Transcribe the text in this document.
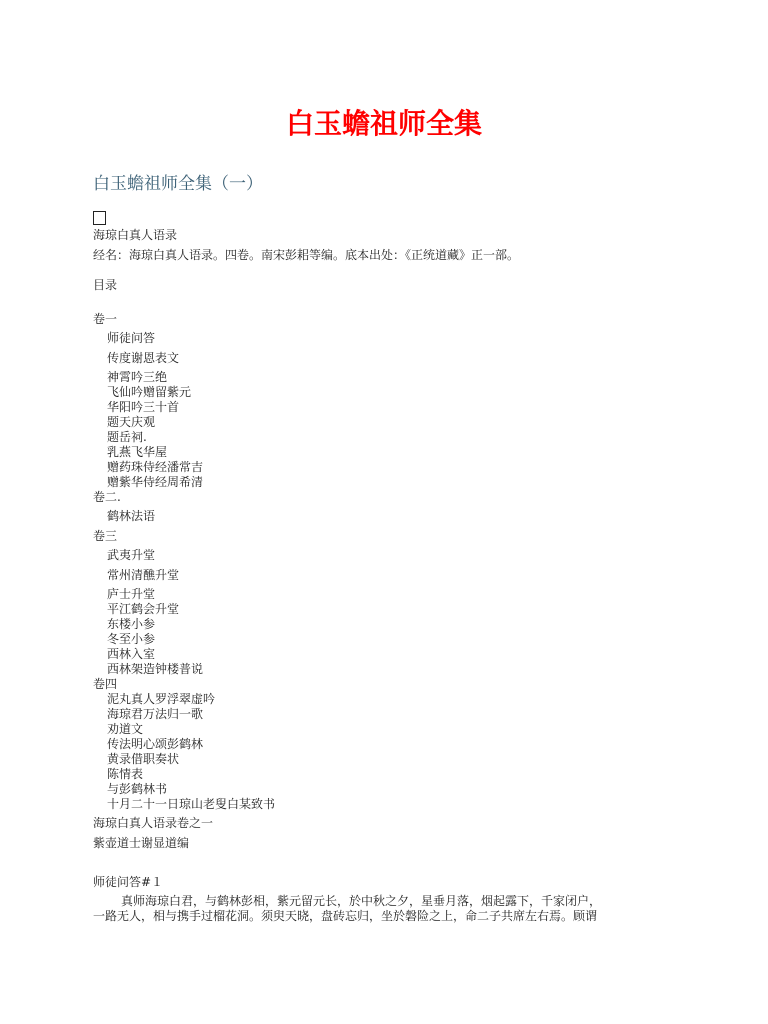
白玉蟾祖师全集
白玉蟾祖师全集（一）
海琼白真人语录
经名：海琼白真人语录。四卷。南宋彭耜等编。底本出处：《正统道藏》正一部。
目录
卷一
师徒问答
传度谢恩表文
神霄吟三绝
飞仙吟赠留紫元
华阳吟三十首
题天庆观
题岳祠.
乳燕飞华屋
赠药珠侍经潘常吉
赠紫华侍经周希清
卷二.
鹤林法语
卷三
武夷升堂
常州清醮升堂
庐士升堂
平江鹤会升堂
东楼小参
冬至小参
西林入室
西林架造钟楼普说
卷四
泥丸真人罗浮翠虚吟
海琼君万法归一歌
劝道文
传法明心颂彭鹤林
黄录借职奏状
陈情表
与彭鹤林书
十月二十一日琼山老叟白某致书
海琼白真人语录卷之一
紫壶道士谢显道编
师徒问答#１
真师海琼白君，与鹤林彭相，紫元留元长，於中秋之夕，星垂月落，烟起露下，千家闭户，
一路无人，相与携手过榴花洞。须臾天晓，盘砖忘归，坐於磐险之上，命二子共席左右焉。顾谓
